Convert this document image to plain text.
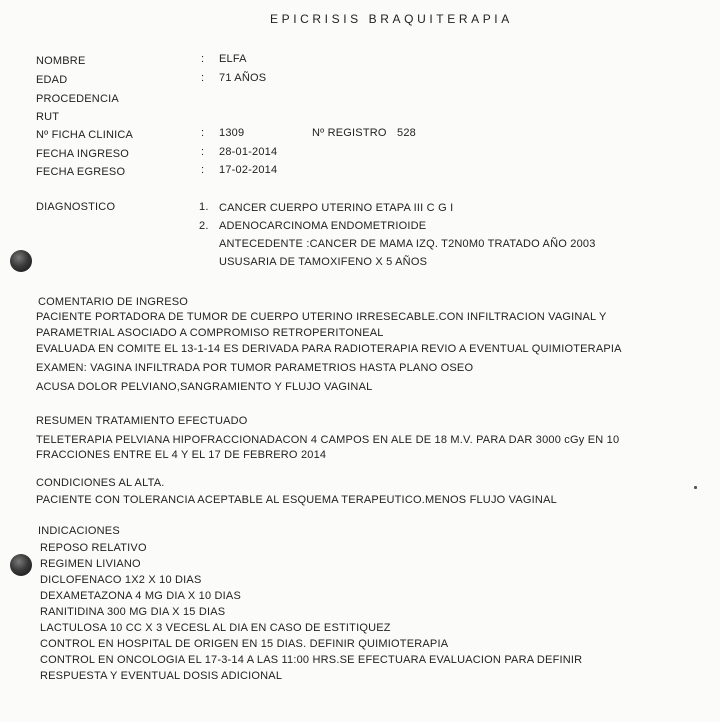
EPICRISIS BRAQUITERAPIA
NOMBRE	: ELFA
EDAD	: 71 AÑOS
PROCEDENCIA
RUT
Nº FICHA CLINICA	: 1309	Nº REGISTRO 528
FECHA INGRESO	: 28-01-2014
FECHA EGRESO	: 17-02-2014
DIAGNOSTICO	1. CANCER CUERPO UTERINO ETAPA III C G I
2. ADENOCARCINOMA ENDOMETRIOIDE
ANTECEDENTE :CANCER DE MAMA IZQ. T2N0M0 TRATADO AÑO 2003
USUSARIA DE TAMOXIFENO X 5 AÑOS
COMENTARIO DE INGRESO
PACIENTE PORTADORA DE TUMOR DE CUERPO UTERINO IRRESECABLE.CON INFILTRACION VAGINAL Y
PARAMETRIAL ASOCIADO A COMPROMISO RETROPERITONEAL
EVALUADA EN COMITE EL 13-1-14 ES DERIVADA PARA RADIOTERAPIA REVIO A EVENTUAL QUIMIOTERAPIA
EXAMEN: VAGINA INFILTRADA POR TUMOR PARAMETRIOS HASTA PLANO OSEO
ACUSA DOLOR PELVIANO,SANGRAMIENTO Y FLUJO VAGINAL
RESUMEN TRATAMIENTO EFECTUADO
TELETERAPIA PELVIANA HIPOFRACCIONADACON 4 CAMPOS EN ALE DE 18 M.V. PARA DAR 3000 cGy EN 10
FRACCIONES ENTRE EL 4 Y EL 17 DE FEBRERO 2014
CONDICIONES AL ALTA.
PACIENTE CON TOLERANCIA ACEPTABLE AL ESQUEMA TERAPEUTICO.MENOS FLUJO VAGINAL
INDICACIONES
REPOSO RELATIVO
REGIMEN LIVIANO
DICLOFENACO 1X2 X 10 DIAS
DEXAMETAZONA 4 MG DIA X 10 DIAS
RANITIDINA 300 MG DIA X 15 DIAS
LACTULOSA 10 CC X 3 VECESL AL DIA EN CASO DE ESTITIQUEZ
CONTROL EN HOSPITAL DE ORIGEN EN 15 DIAS. DEFINIR QUIMIOTERAPIA
CONTROL EN ONCOLOGIA EL 17-3-14 A LAS 11:00 HRS.SE EFECTUARA EVALUACION PARA DEFINIR
RESPUESTA Y EVENTUAL DOSIS ADICIONAL
